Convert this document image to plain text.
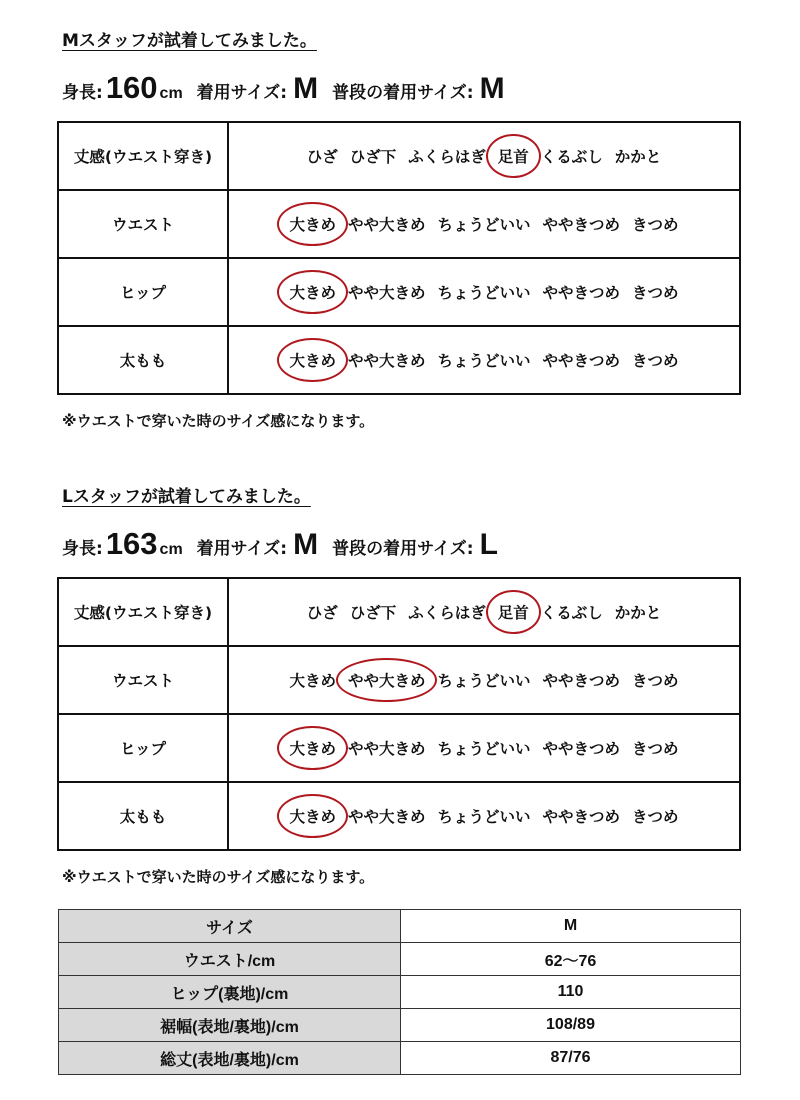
Mスタッフが試着してみました。
身長: 160 cm 着用サイズ: M 普段の着用サイズ: M
丈感(ウエスト穿き)	ひざ ひざ下 ふくらはぎ 足首 くるぶし かかと
ウエスト	大きめ やや大きめ ちょうどいい ややきつめ きつめ
ヒップ	大きめ やや大きめ ちょうどいい ややきつめ きつめ
太もも	大きめ やや大きめ ちょうどいい ややきつめ きつめ
※ウエストで穿いた時のサイズ感になります。
Lスタッフが試着してみました。
身長: 163 cm 着用サイズ: M 普段の着用サイズ: L
丈感(ウエスト穿き)	ひざ ひざ下 ふくらはぎ 足首 くるぶし かかと
ウエスト	大きめ やや大きめ ちょうどいい ややきつめ きつめ
ヒップ	大きめ やや大きめ ちょうどいい ややきつめ きつめ
太もも	大きめ やや大きめ ちょうどいい ややきつめ きつめ
※ウエストで穿いた時のサイズ感になります。
サイズ	M
ウエスト/cm	62〜76
ヒップ(裏地)/cm	110
裾幅(表地/裏地)/cm	108/89
総丈(表地/裏地)/cm	87/76
